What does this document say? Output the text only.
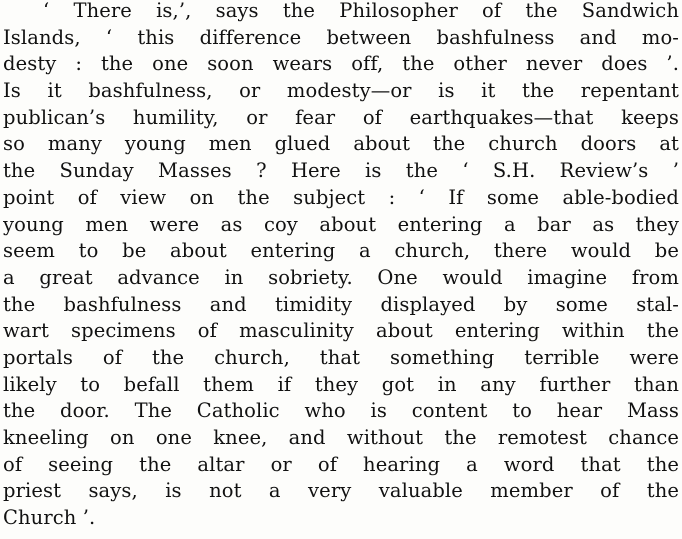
‘ There is,’, says the Philosopher of the Sandwich
Islands, ‘ this difference between bashfulness and mo-
desty : the one soon wears off, the other never does ’.
Is it bashfulness, or modesty—or is it the repentant
publican’s humility, or fear of earthquakes—that keeps
so many young men glued about the church doors at
the Sunday Masses ? Here is the ‘ S.H. Review’s ’
point of view on the subject : ‘ If some able-bodied
young men were as coy about entering a bar as they
seem to be about entering a church, there would be
a great advance in sobriety. One would imagine from
the bashfulness and timidity displayed by some stal-
wart specimens of masculinity about entering within the
portals of the church, that something terrible were
likely to befall them if they got in any further than
the door. The Catholic who is content to hear Mass
kneeling on one knee, and without the remotest chance
of seeing the altar or of hearing a word that the
priest says, is not a very valuable member of the
Church ’.
